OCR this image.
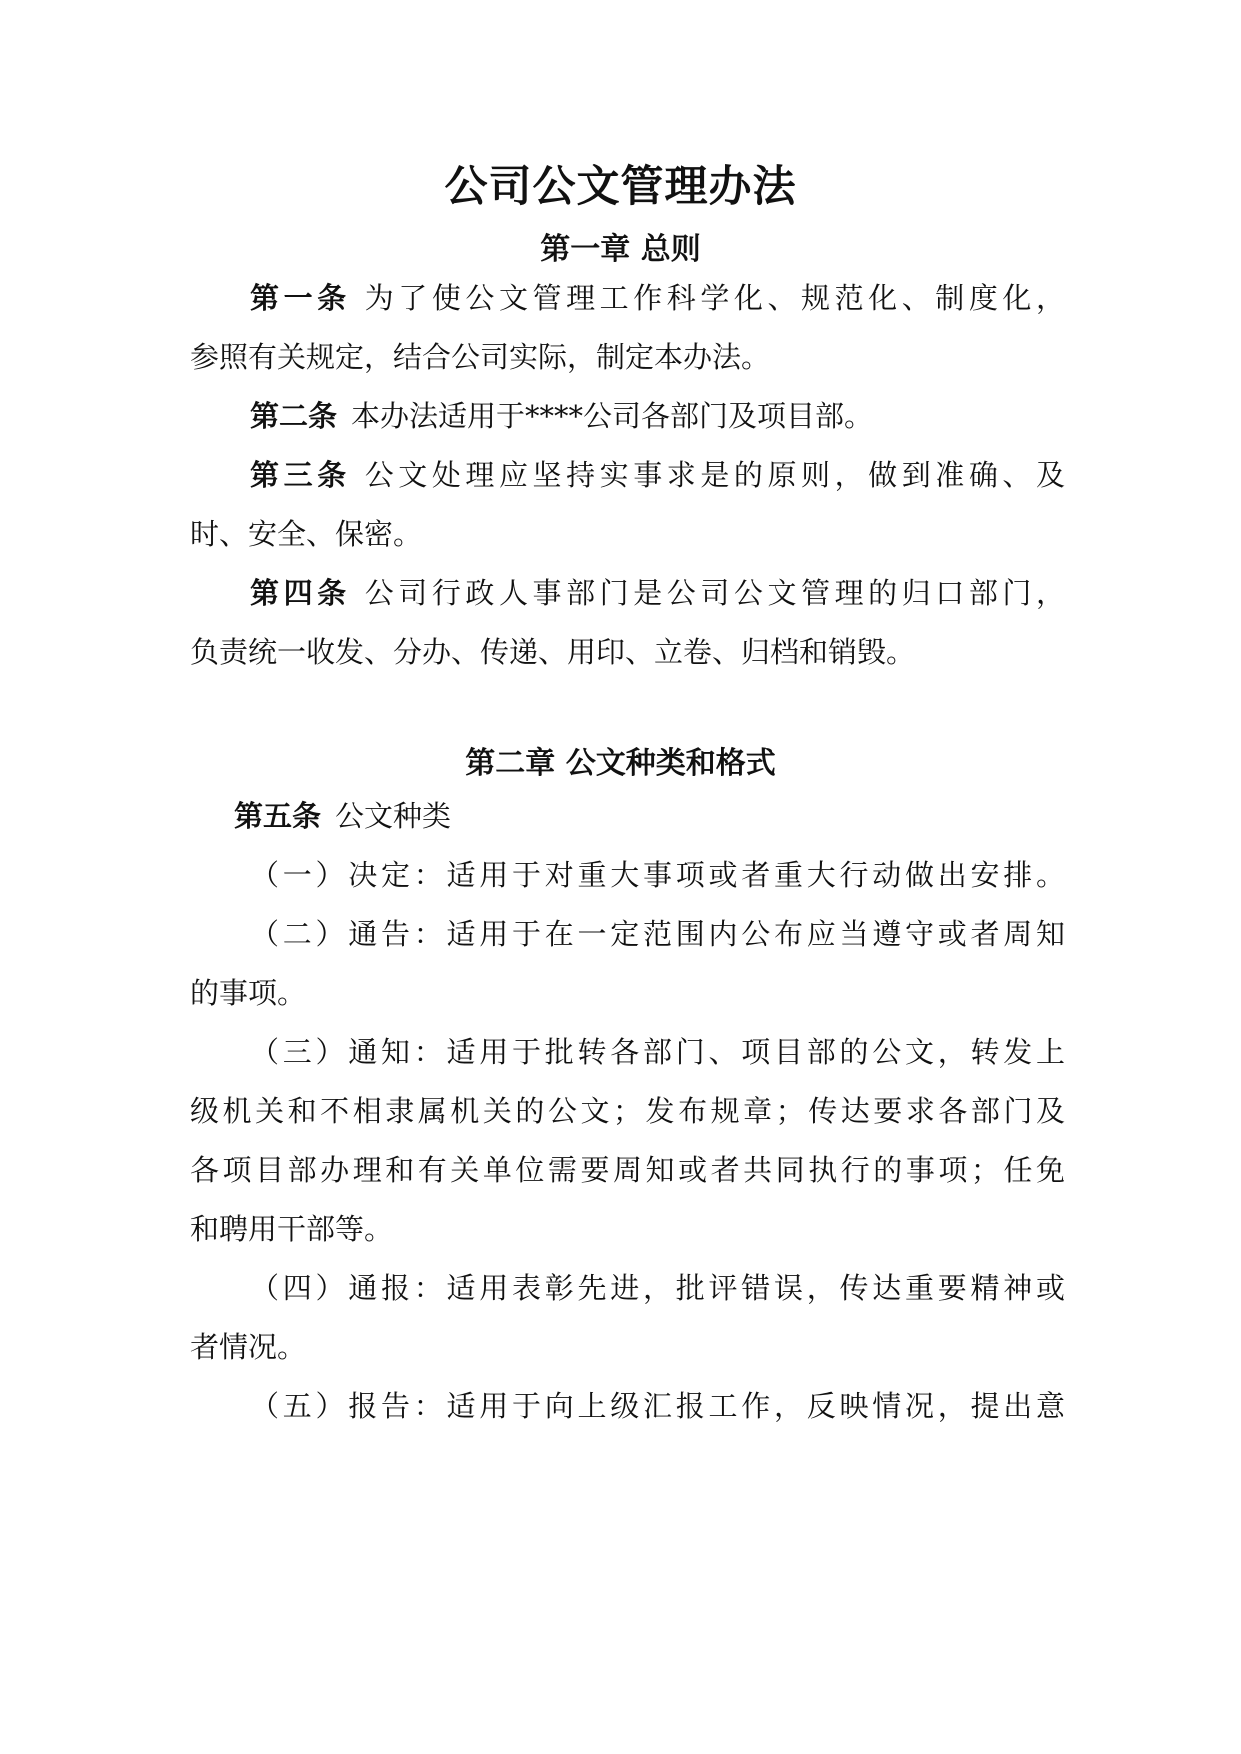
公司公文管理办法
第一章 总则
第一条 为了使公文管理工作科学化、规范化、制度化，
参照有关规定，结合公司实际，制定本办法。
第二条 本办法适用于****公司各部门及项目部。
第三条 公文处理应坚持实事求是的原则，做到准确、及
时、安全、保密。
第四条 公司行政人事部门是公司公文管理的归口部门，
负责统一收发、分办、传递、用印、立卷、归档和销毁。
第二章 公文种类和格式
第五条 公文种类
（一）决定：适用于对重大事项或者重大行动做出安排。
（二）通告：适用于在一定范围内公布应当遵守或者周知
的事项。
（三）通知：适用于批转各部门、项目部的公文，转发上
级机关和不相隶属机关的公文；发布规章；传达要求各部门及
各项目部办理和有关单位需要周知或者共同执行的事项；任免
和聘用干部等。
（四）通报：适用表彰先进，批评错误，传达重要精神或
者情况。
（五）报告：适用于向上级汇报工作，反映情况，提出意
